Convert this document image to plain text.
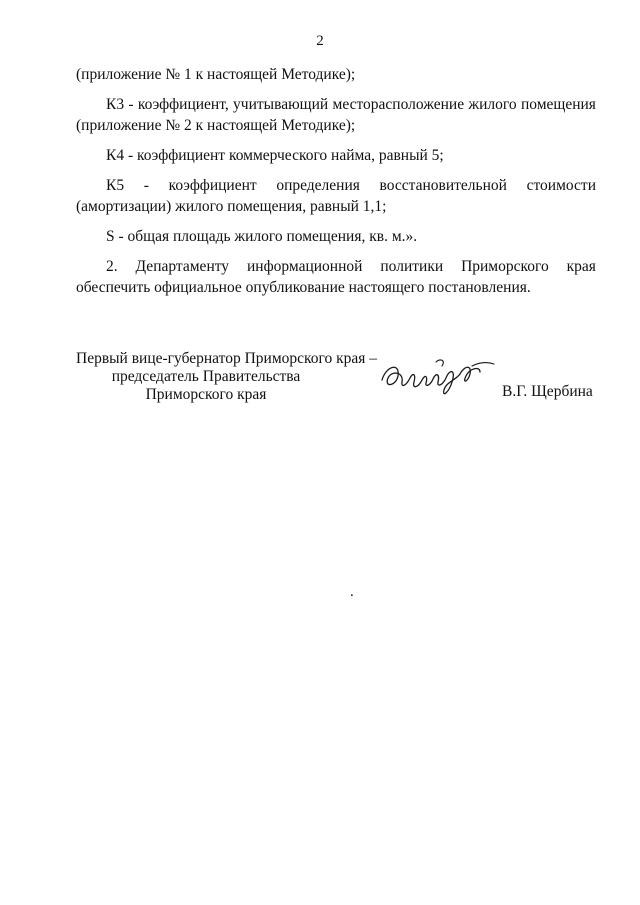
2
(приложение № 1 к настоящей Методике);
К3 - коэффициент, учитывающий месторасположение жилого помещения
(приложение № 2 к настоящей Методике);
К4 - коэффициент коммерческого найма, равный 5;
К5 - коэффициент определения восстановительной стоимости
(амортизации) жилого помещения, равный 1,1;
S - общая площадь жилого помещения, кв. м.».
2. Департаменту информационной политики Приморского края
обеспечить официальное опубликование настоящего постановления.
Первый вице-губернатор Приморского края –
председатель Правительства
Приморского края	В.Г. Щербина
.
